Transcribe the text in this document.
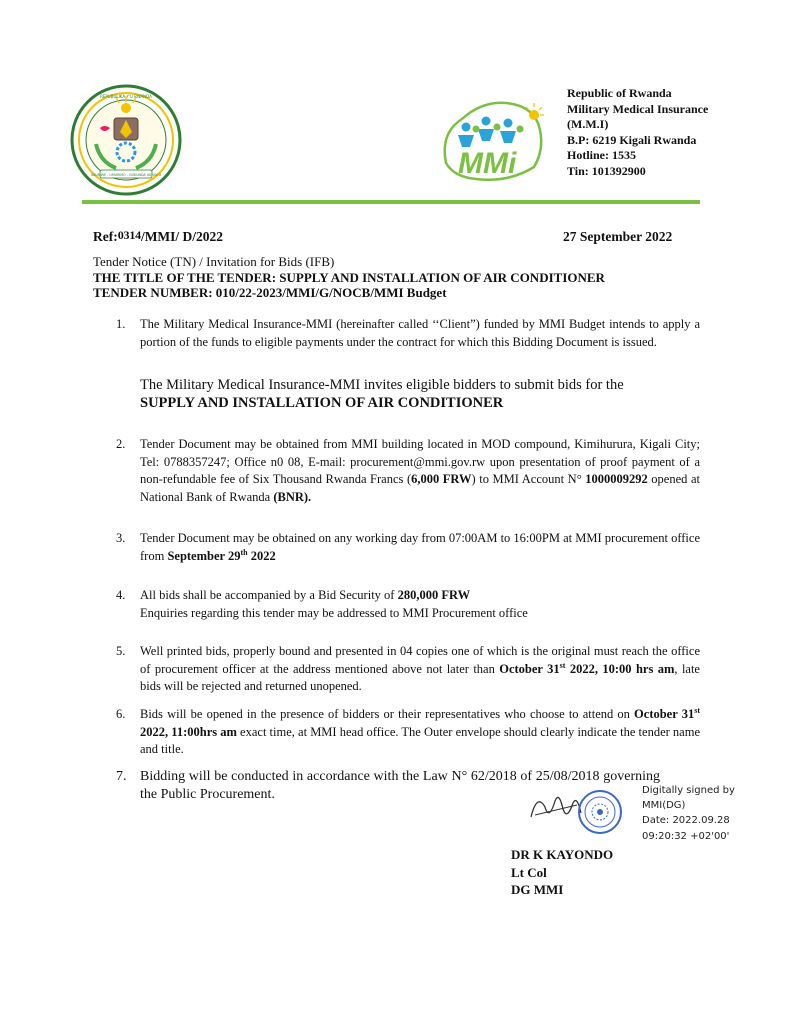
UBUMWE - UMURIMO - GUKUNDA IGIHUGU
REPUBULIKA Y'U RWANDA
MMi
Republic of Rwanda
Military Medical Insurance
(M.M.I)
B.P: 6219 Kigali Rwanda
Hotline: 1535
Tin: 101392900
Ref:0314/MMI/ D/2022	27 September 2022
Tender Notice (TN) / Invitation for Bids (IFB)
THE TITLE OF THE TENDER: SUPPLY AND INSTALLATION OF AIR CONDITIONER
TENDER NUMBER: 010/22-2023/MMI/G/NOCB/MMI Budget
1.	The Military Medical Insurance-MMI (hereinafter called ‘‘Client”) funded by MMI Budget intends to apply a portion of the funds to eligible payments under the contract for which this Bidding Document is issued.
The Military Medical Insurance-MMI invites eligible bidders to submit bids for the
SUPPLY AND INSTALLATION OF AIR CONDITIONER
2.	Tender Document may be obtained from MMI building located in MOD compound, Kimihurura, Kigali City; Tel: 0788357247; Office n0 08, E-mail: procurement@mmi.gov.rw upon presentation of proof payment of a non-refundable fee of Six Thousand Rwanda Francs (6,000 FRW) to MMI Account N° 1000009292 opened at National Bank of Rwanda (BNR).
3.	Tender Document may be obtained on any working day from 07:00AM to 16:00PM at MMI procurement office from September 29th 2022
4.	All bids shall be accompanied by a Bid Security of 280,000 FRW
Enquiries regarding this tender may be addressed to MMI Procurement office
5.	Well printed bids, properly bound and presented in 04 copies one of which is the original must reach the office of procurement officer at the address mentioned above not later than October 31st 2022, 10:00 hrs am, late bids will be rejected and returned unopened.
6.	Bids will be opened in the presence of bidders or their representatives who choose to attend on October 31st 2022, 11:00hrs am exact time, at MMI head office. The Outer envelope should clearly indicate the tender name and title.
7. Bidding will be conducted in accordance with the Law N° 62/2018 of 25/08/2018 governing the Public Procurement.	Digitally signed by
MMI(DG)
Date: 2022.09.28
09:20:32 +02'00'
DR K KAYONDO
Lt Col
DG MMI
